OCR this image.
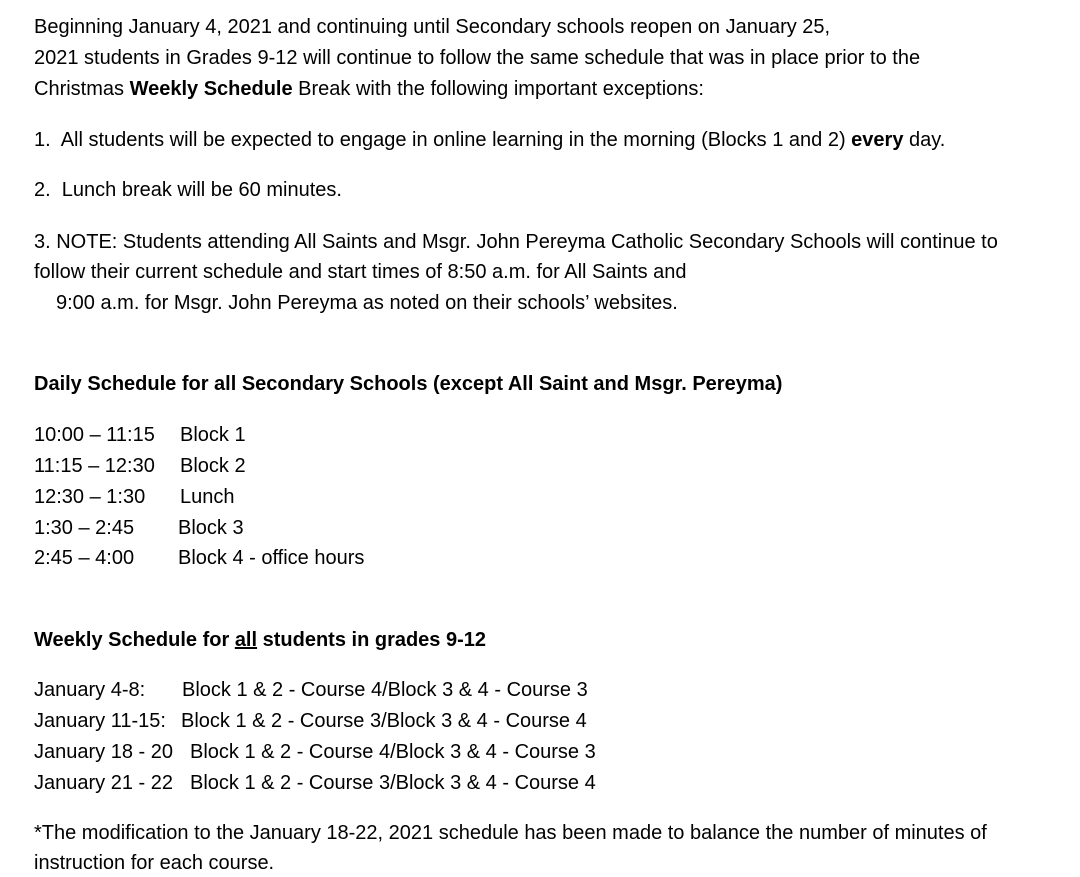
Beginning January 4, 2021 and continuing until Secondary schools reopen on January 25,
2021 students in Grades 9-12 will continue to follow the same schedule that was in place prior to the
Christmas Weekly Schedule Break with the following important exceptions:
1.  All students will be expected to engage in online learning in the morning (Blocks 1 and 2) every day.
2.  Lunch break will be 60 minutes.
3. NOTE: Students attending All Saints and Msgr. John Pereyma Catholic Secondary Schools will continue to
follow their current schedule and start times of 8:50 a.m. for All Saints and
9:00 a.m. for Msgr. John Pereyma as noted on their schools’ websites.
Daily Schedule for all Secondary Schools (except All Saint and Msgr. Pereyma)
10:00 – 11:15 Block 1
11:15 – 12:30 Block 2
12:30 – 1:30 Lunch
1:30 – 2:45 Block 3
2:45 – 4:00 Block 4 - office hours
Weekly Schedule for all students in grades 9-12
January 4-8: Block 1 & 2 - Course 4/Block 3 & 4 - Course 3
January 11-15: Block 1 & 2 - Course 3/Block 3 & 4 - Course 4
January 18 - 20 Block 1 & 2 - Course 4/Block 3 & 4 - Course 3
January 21 - 22 Block 1 & 2 - Course 3/Block 3 & 4 - Course 4
*The modification to the January 18-22, 2021 schedule has been made to balance the number of minutes of
instruction for each course.
